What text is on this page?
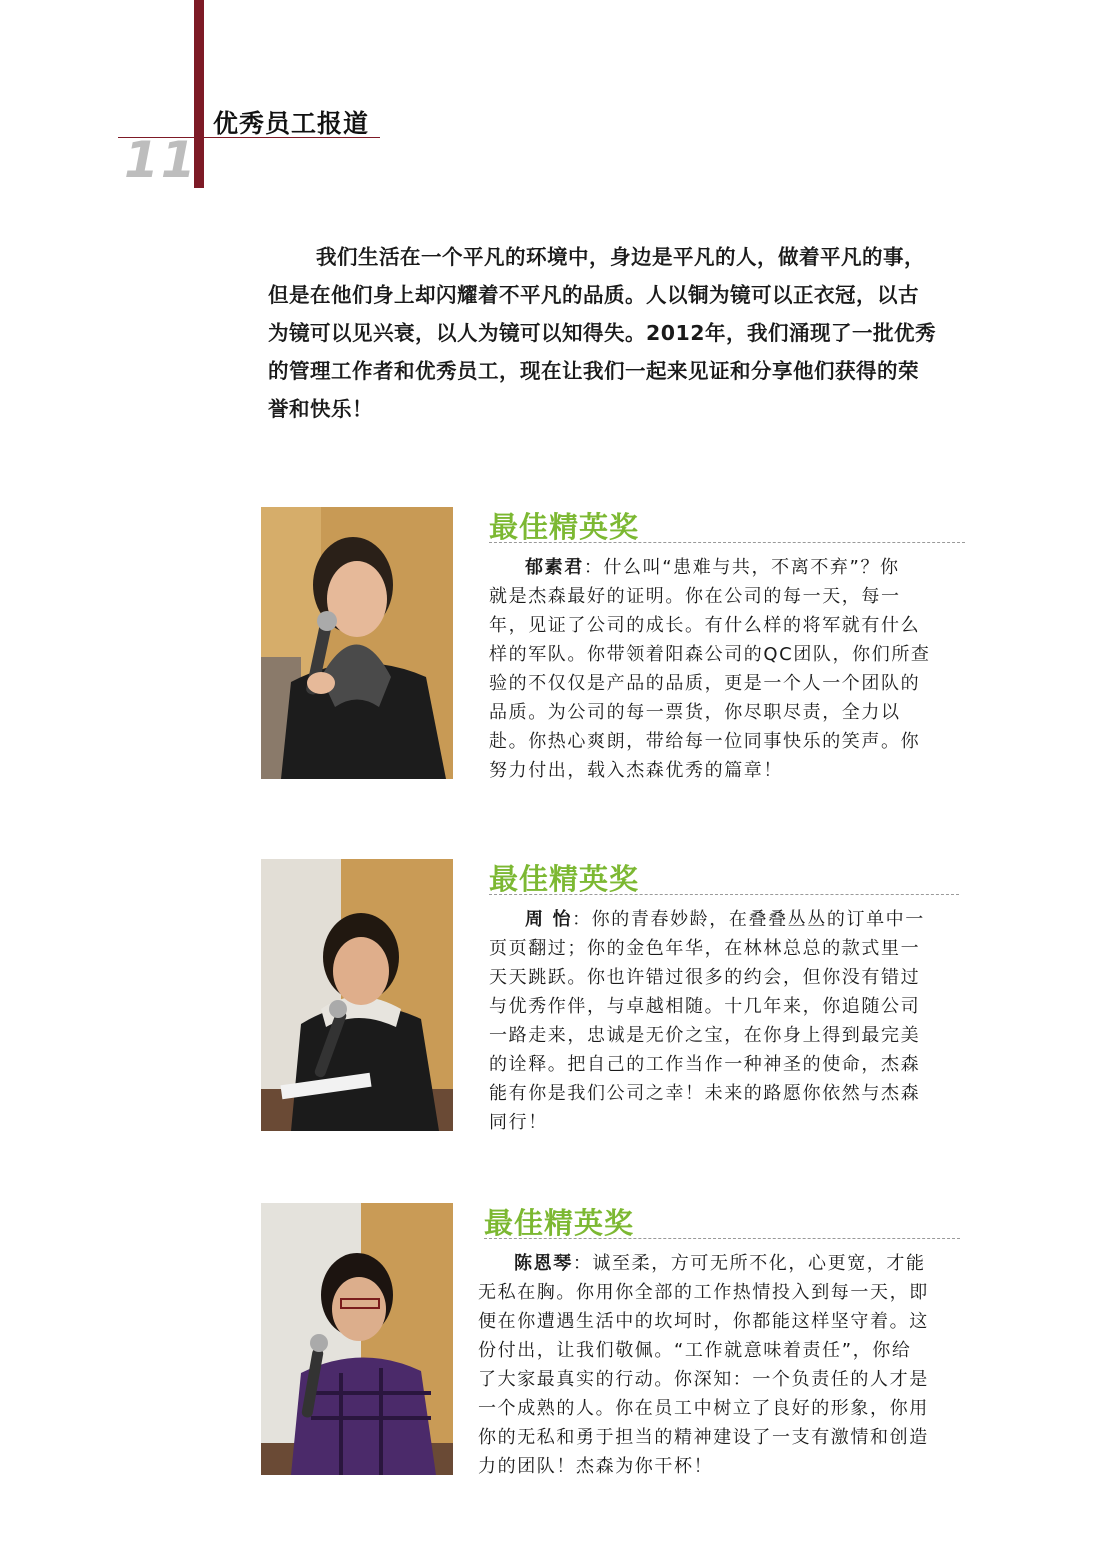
优秀员工报道
11
我们生活在一个平凡的环境中，身边是平凡的人，做着平凡的事，
但是在他们身上却闪耀着不平凡的品质。人以铜为镜可以正衣冠，以古
为镜可以见兴衰，以人为镜可以知得失。2012年，我们涌现了一批优秀
的管理工作者和优秀员工，现在让我们一起来见证和分享他们获得的荣
誉和快乐！
最佳精英奖
郁素君：什么叫“患难与共，不离不弃”？你
就是杰森最好的证明。你在公司的每一天，每一
年，见证了公司的成长。有什么样的将军就有什么
样的军队。你带领着阳森公司的QC团队，你们所查
验的不仅仅是产品的品质，更是一个人一个团队的
品质。为公司的每一票货，你尽职尽责，全力以
赴。你热心爽朗，带给每一位同事快乐的笑声。你
努力付出，载入杰森优秀的篇章！
最佳精英奖
周 怡：你的青春妙龄，在叠叠丛丛的订单中一
页页翻过；你的金色年华，在林林总总的款式里一
天天跳跃。你也许错过很多的约会，但你没有错过
与优秀作伴，与卓越相随。十几年来，你追随公司
一路走来，忠诚是无价之宝，在你身上得到最完美
的诠释。把自己的工作当作一种神圣的使命，杰森
能有你是我们公司之幸！未来的路愿你依然与杰森
同行！
最佳精英奖
陈恩琴：诚至柔，方可无所不化，心更宽，才能
无私在胸。你用你全部的工作热情投入到每一天，即
便在你遭遇生活中的坎坷时，你都能这样坚守着。这
份付出，让我们敬佩。“工作就意味着责任”，你给
了大家最真实的行动。你深知：一个负责任的人才是
一个成熟的人。你在员工中树立了良好的形象，你用
你的无私和勇于担当的精神建设了一支有激情和创造
力的团队！杰森为你干杯！
